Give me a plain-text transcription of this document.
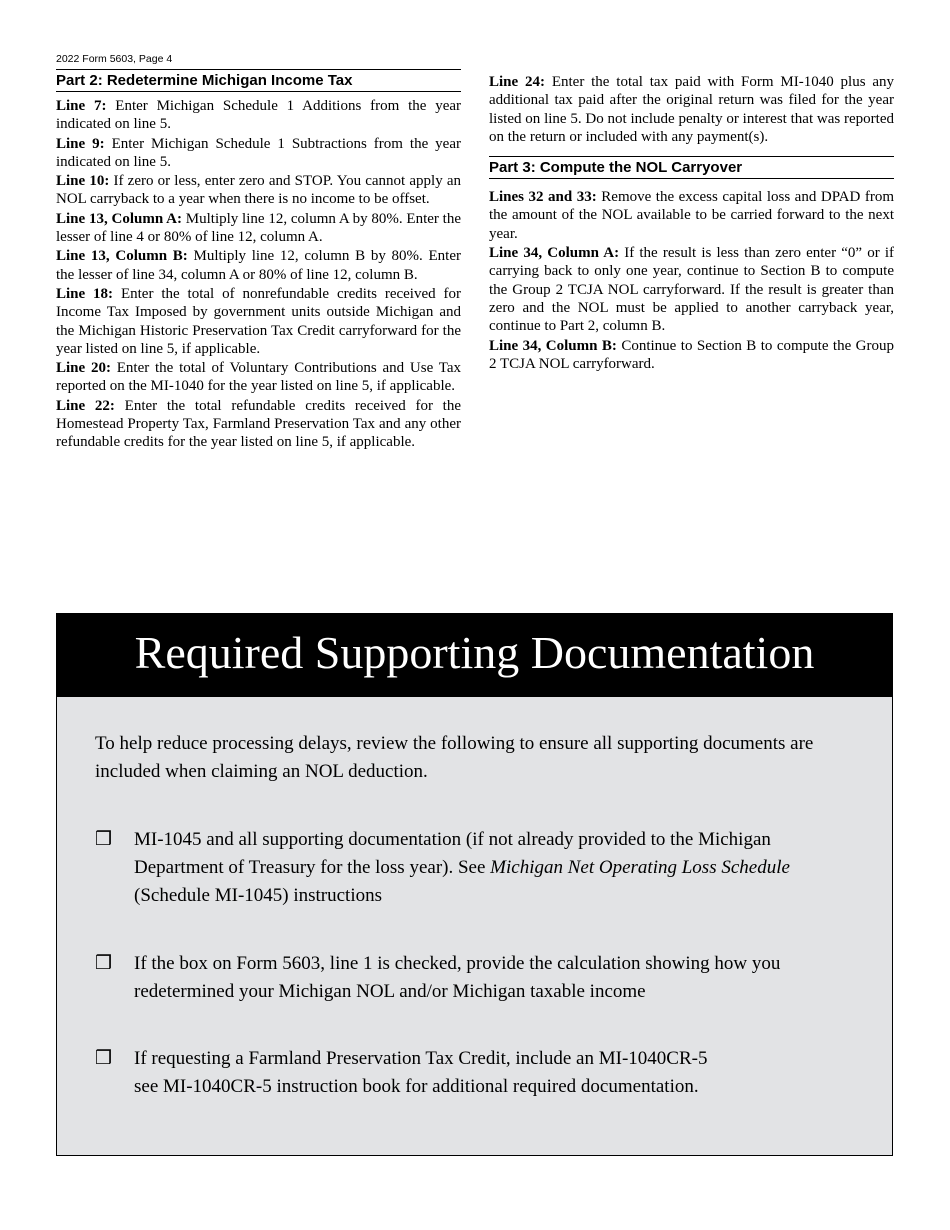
2022 Form 5603, Page 4
Part 2: Redetermine Michigan Income Tax

Line 7: Enter Michigan Schedule 1 Additions from the year indicated on line 5.

Line 9: Enter Michigan Schedule 1 Subtractions from the year indicated on line 5.

Line 10: If zero or less, enter zero and STOP. You cannot apply an NOL carryback to a year when there is no income to be offset.

Line 13, Column A: Multiply line 12, column A by 80%. Enter the lesser of line 4 or 80% of line 12, column A.

Line 13, Column B: Multiply line 12, column B by 80%. Enter the lesser of line 34, column A or 80% of line 12, column B.

Line 18: Enter the total of nonrefundable credits received for Income Tax Imposed by government units outside Michigan and the Michigan Historic Preservation Tax Credit carryforward for the year listed on line 5, if applicable.

Line 20: Enter the total of Voluntary Contributions and Use Tax reported on the MI-1040 for the year listed on line 5, if applicable.

Line 22: Enter the total refundable credits received for the Homestead Property Tax, Farmland Preservation Tax and any other refundable credits for the year listed on line 5, if applicable.

Line 24: Enter the total tax paid with Form MI-1040 plus any additional tax paid after the original return was filed for the year listed on line 5. Do not include penalty or interest that was reported on the return or included with any payment(s).

Part 3: Compute the NOL Carryover

Lines 32 and 33: Remove the excess capital loss and DPAD from the amount of the NOL available to be carried forward to the next year.

Line 34, Column A: If the result is less than zero enter “0” or if carrying back to only one year, continue to Section B to compute the Group 2 TCJA NOL carryforward. If the result is greater than zero and the NOL must be applied to another carryback year, continue to Part 2, column B.

Line 34, Column B: Continue to Section B to compute the Group 2 TCJA NOL carryforward.

Required Supporting Documentation
To help reduce processing delays, review the following to ensure all supporting documents are included when claiming an NOL deduction.
❒	MI-1045 and all supporting documentation (if not already provided to the Michigan Department of Treasury for the loss year). See Michigan Net Operating Loss Schedule (Schedule MI-1045) instructions
❒	If the box on Form 5603, line 1 is checked, provide the calculation showing how you redetermined your Michigan NOL and/or Michigan taxable income
❒	If requesting a Farmland Preservation Tax Credit, include an MI-1040CR-5
see MI-1040CR-5 instruction book for additional required documentation.
